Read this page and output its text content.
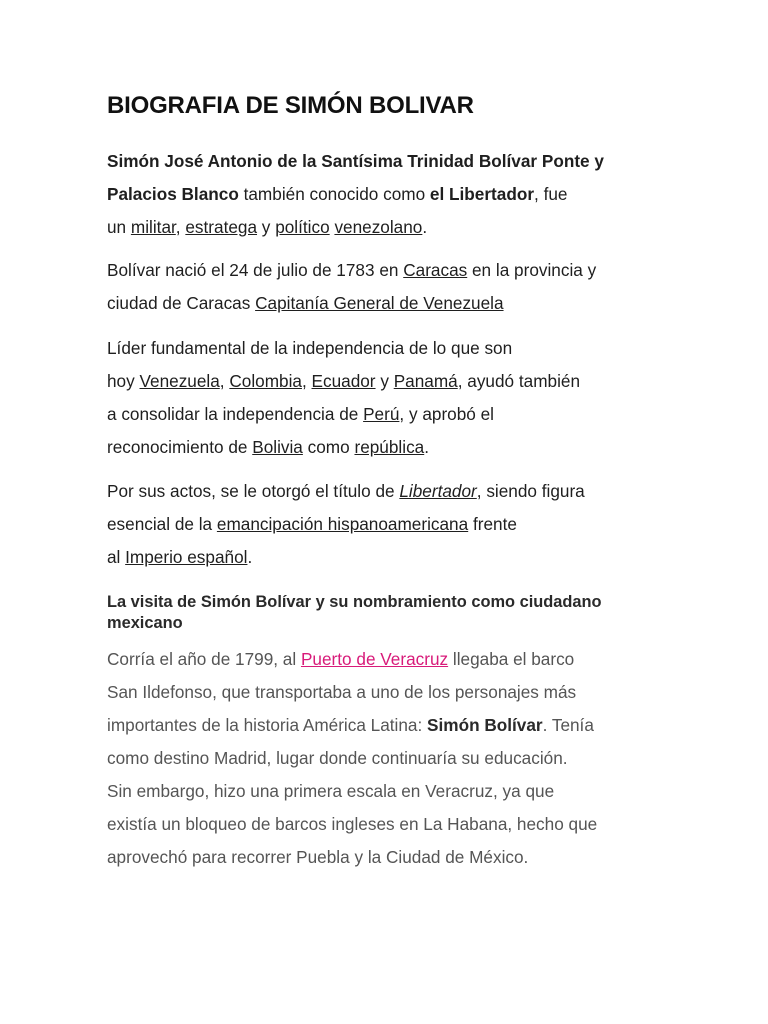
BIOGRAFIA DE SIMÓN BOLIVAR
Simón José Antonio de la Santísima Trinidad Bolívar Ponte y
Palacios Blanco también conocido como el Libertador, fue
un militar, estratega y político venezolano.
Bolívar nació el 24 de julio de 1783 en Caracas en la provincia y
ciudad de Caracas Capitanía General de Venezuela
Líder fundamental de la independencia de lo que son
hoy Venezuela, Colombia, Ecuador y Panamá, ayudó también
a consolidar la independencia de Perú, y aprobó el
reconocimiento de Bolivia como república.
Por sus actos, se le otorgó el título de Libertador, siendo figura
esencial de la emancipación hispanoamericana frente
al Imperio español.
La visita de Simón Bolívar y su nombramiento como ciudadano
mexicano
Corría el año de 1799, al Puerto de Veracruz llegaba el barco
San Ildefonso, que transportaba a uno de los personajes más
importantes de la historia América Latina: Simón Bolívar. Tenía
como destino Madrid, lugar donde continuaría su educación.
Sin embargo, hizo una primera escala en Veracruz, ya que
existía un bloqueo de barcos ingleses en La Habana, hecho que
aprovechó para recorrer Puebla y la Ciudad de México.
